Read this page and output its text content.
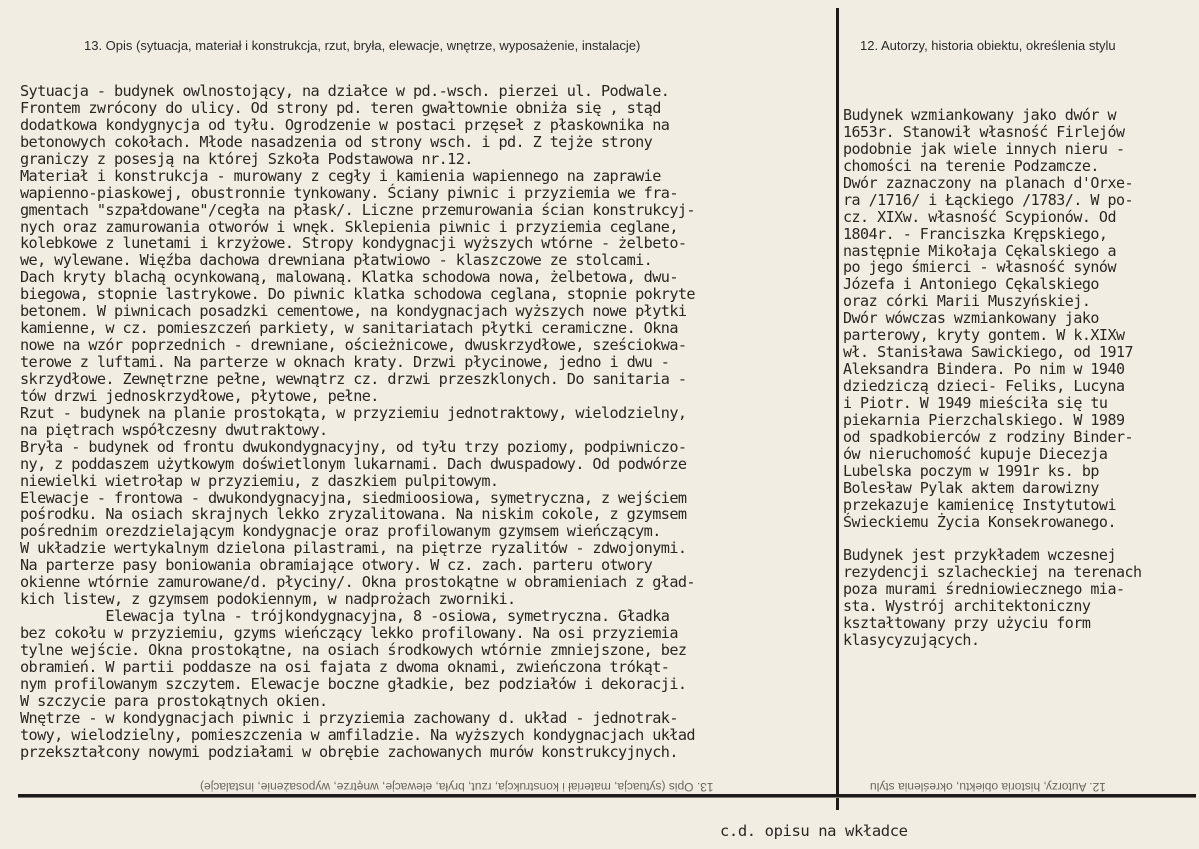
13. Opis (sytuacja, materiał i konstrukcja, rzut, bryła, elewacje, wnętrze, wyposażenie, instalacje)	12. Autorzy, historia obiektu, określenia stylu
Sytuacja - budynek owlnostojący, na działce w pd.-wsch. pierzei ul. Podwale.
Frontem zwrócony do ulicy. Od strony pd. teren gwałtownie obniża się , stąd
dodatkowa kondygnycja od tyłu. Ogrodzenie w postaci przęseł z płaskownika na
betonowych cokołach. Młode nasadzenia od strony wsch. i pd. Z tejże strony
graniczy z posesją na której Szkoła Podstawowa nr.12.
Materiał i konstrukcja - murowany z cegły i kamienia wapiennego na zaprawie
wapienno-piaskowej, obustronnie tynkowany. Ściany piwnic i przyziemia we fra-
gmentach "szpałdowane"/cegła na płask/. Liczne przemurowania ścian konstrukcyj-
nych oraz zamurowania otworów i wnęk. Sklepienia piwnic i przyziemia ceglane,
kolebkowe z lunetami i krzyżowe. Stropy kondygnacji wyższych wtórne - żelbeto-
we, wylewane. Więźba dachowa drewniana płatwiowo - klaszczowe ze stolcami.
Dach kryty blachą ocynkowaną, malowaną. Klatka schodowa nowa, żelbetowa, dwu-
biegowa, stopnie lastrykowe. Do piwnic klatka schodowa ceglana, stopnie pokryte
betonem. W piwnicach posadzki cementowe, na kondygnacjach wyższych nowe płytki
kamienne, w cz. pomieszczeń parkiety, w sanitariatach płytki ceramiczne. Okna
nowe na wzór poprzednich - drewniane, ościeżnicowe, dwuskrzydłowe, sześciokwa-
terowe z luftami. Na parterze w oknach kraty. Drzwi płycinowe, jedno i dwu -
skrzydłowe. Zewnętrzne pełne, wewnątrz cz. drzwi przeszklonych. Do sanitaria -
tów drzwi jednoskrzydłowe, płytowe, pełne.
Rzut - budynek na planie prostokąta, w przyziemiu jednotraktowy, wielodzielny,
na piętrach współczesny dwutraktowy.
Bryła - budynek od frontu dwukondygnacyjny, od tyłu trzy poziomy, podpiwniczo-
ny, z poddaszem użytkowym doświetlonym lukarnami. Dach dwuspadowy. Od podwórze
niewielki wietrołap w przyziemiu, z daszkiem pulpitowym.
Elewacje - frontowa - dwukondygnacyjna, siedmioosiowa, symetryczna, z wejściem
pośrodku. Na osiach skrajnych lekko zryzalitowana. Na niskim cokole, z gzymsem
pośrednim orezdzielającym kondygnacje oraz profilowanym gzymsem wieńczącym.
W układzie wertykalnym dzielona pilastrami, na piętrze ryzalitów - zdwojonymi.
Na parterze pasy boniowania obramiające otwory. W cz. zach. parteru otwory
okienne wtórnie zamurowane/d. płyciny/. Okna prostokątne w obramieniach z gład-
kich listew, z gzymsem podokiennym, w nadprożach zworniki.
Elewacja tylna - trójkondygnacyjna, 8 -osiowa, symetryczna. Gładka
bez cokołu w przyziemiu, gzyms wieńczący lekko profilowany. Na osi przyziemia
tylne wejście. Okna prostokątne, na osiach środkowych wtórnie zmniejszone, bez
obramień. W partii poddasze na osi fajata z dwoma oknami, zwieńczona trókąt-
nym profilowanym szczytem. Elewacje boczne gładkie, bez podziałów i dekoracji.
W szczycie para prostokątnych okien.
Wnętrze - w kondygnacjach piwnic i przyziemia zachowany d. układ - jednotrak-
towy, wielodzielny, pomieszczenia w amfiladzie. Na wyższych kondygnacjach układ
przekształcony nowymi podziałami w obrębie zachowanych murów konstrukcyjnych.
Budynek wzmiankowany jako dwór w
1653r. Stanowił własność Firlejów
podobnie jak wiele innych nieru -
chomości na terenie Podzamcze.
Dwór zaznaczony na planach d'Orxe-
ra /1716/ i Łąckiego /1783/. W po-
cz. XIXw. własność Scypionów. Od
1804r. - Franciszka Krępskiego,
następnie Mikołaja Cękalskiego a
po jego śmierci - własność synów
Józefa i Antoniego Cękalskiego
oraz córki Marii Muszyńskiej.
Dwór wówczas wzmiankowany jako
parterowy, kryty gontem. W k.XIXw
wł. Stanisława Sawickiego, od 1917
Aleksandra Bindera. Po nim w 1940
dziedziczą dzieci- Feliks, Lucyna
i Piotr. W 1949 mieściła się tu
piekarnia Pierzchalskiego. W 1989
od spadkobierców z rodziny Binder-
ów nieruchomość kupuje Diecezja
Lubelska poczym w 1991r ks. bp
Bolesław Pylak aktem darowizny
przekazuje kamienicę Instytutowi
Świeckiemu Życia Konsekrowanego.
Budynek jest przykładem wczesnej
rezydencji szlacheckiej na terenach
poza murami średniowiecznego mia-
sta. Wystrój architektoniczny
kształtowany przy użyciu form
klasycyzujących.
13. Opis (sytuacja, materiał i konstrukcja, rzut, bryła, elewacje, wnętrze, wyposażenie, instalacje)	12. Autorzy, historia obiektu, określenia stylu
c.d. opisu na wkładce
